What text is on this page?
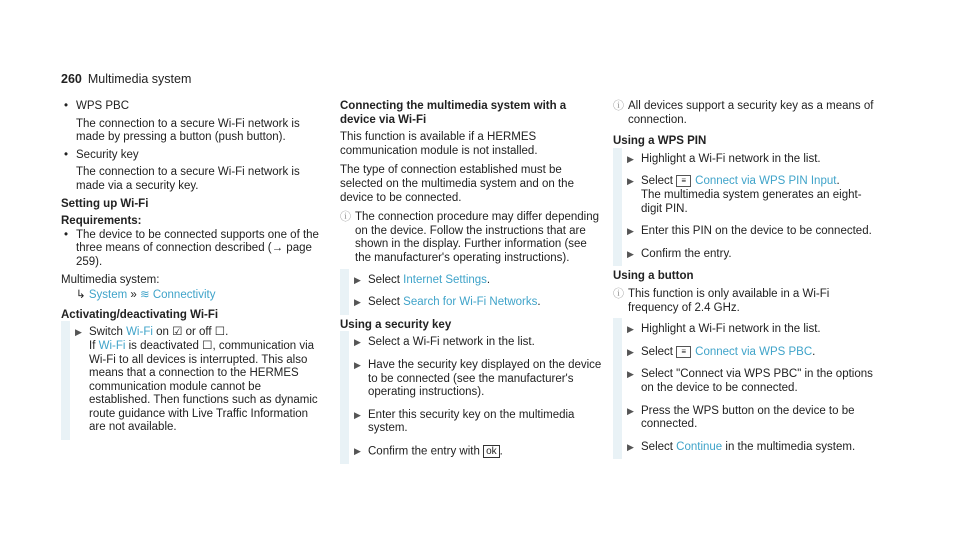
260 Multimedia system
• WPS PBC
The connection to a secure Wi-Fi network is made by pressing a button (push button).
• Security key
The connection to a secure Wi-Fi network is made via a security key.
Setting up Wi-Fi
Requirements:
• The device to be connected supports one of the three means of connection described (→ page 259).

Multimedia system:

↳ System » ≋ Connectivity
Activating/deactivating Wi-Fi
▶ Switch Wi-Fi on ☑ or off ☐.
If Wi-Fi is deactivated ☐, communication via Wi-Fi to all devices is interrupted. This also means that a connection to the HERMES communication module cannot be established. Then functions such as dynamic route guidance with Live Traffic Information are not available.
Connecting the multimedia system with a device via Wi-Fi

This function is available if a HERMES communication module is not installed.

The type of connection established must be selected on the multimedia system and on the device to be connected.

ⓘ The connection procedure may differ depending on the device. Follow the instructions that are shown in the display. Further information (see the manufacturer's operating instructions).
▶ Select Internet Settings.
▶ Select Search for Wi-Fi Networks.
Using a security key
▶ Select a Wi-Fi network in the list.
▶ Have the security key displayed on the device to be connected (see the manufacturer's operating instructions).
▶ Enter this security key on the multimedia system.
▶ Confirm the entry with ok .
ⓘ All devices support a security key as a means of connection.
Using a WPS PIN
▶ Highlight a Wi-Fi network in the list.
▶ Select ≡ Connect via WPS PIN Input.
The multimedia system generates an eight-digit PIN.
▶ Enter this PIN on the device to be connected.
▶ Confirm the entry.
Using a button
ⓘ This function is only available in a Wi-Fi frequency of 2.4 GHz.
▶ Highlight a Wi-Fi network in the list.
▶ Select ≡ Connect via WPS PBC.
▶ Select "Connect via WPS PBC" in the options on the device to be connected.
▶ Press the WPS button on the device to be connected.
▶ Select Continue in the multimedia system.
